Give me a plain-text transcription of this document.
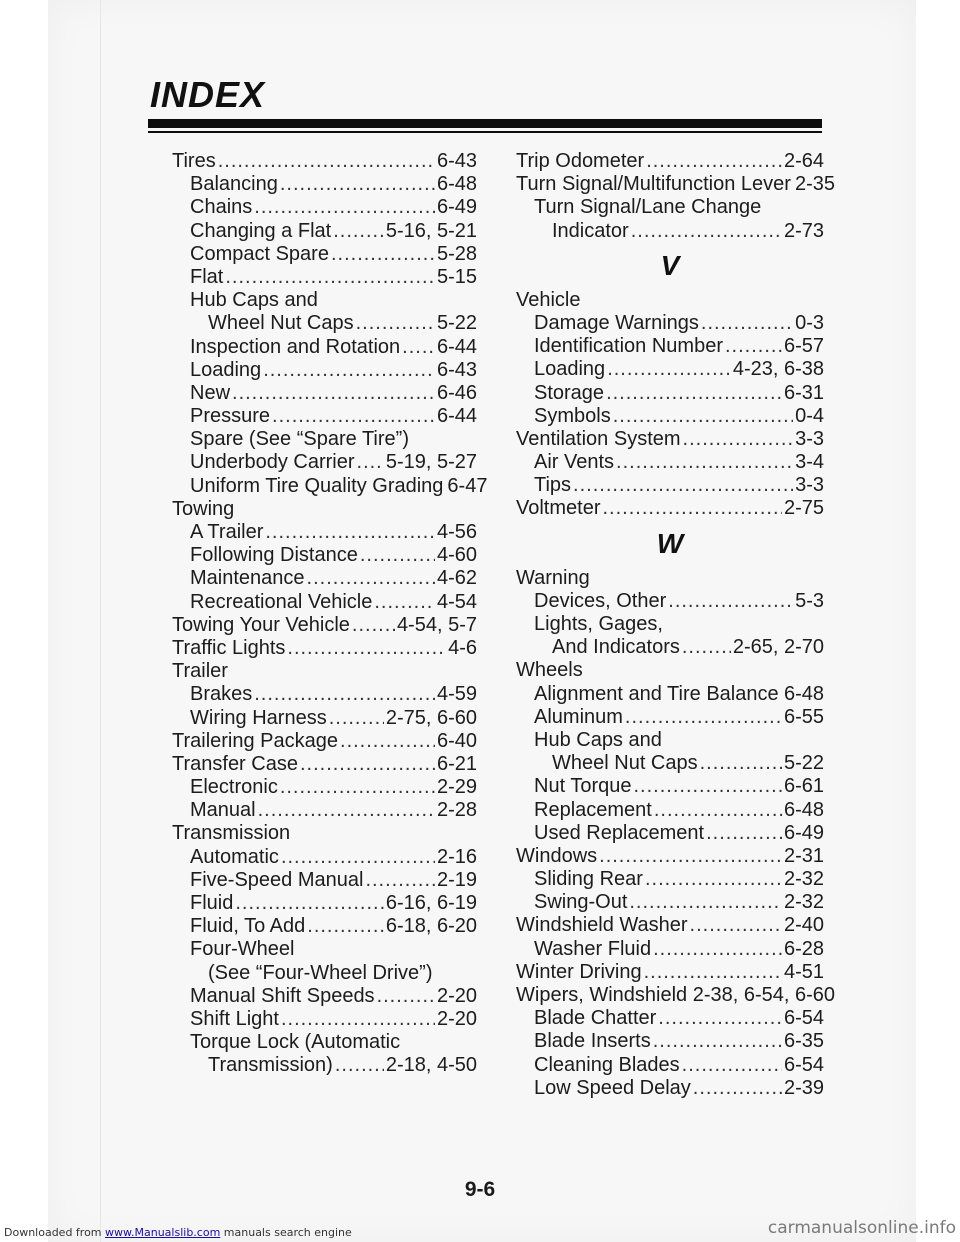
INDEX
Tires .....	6-43
Balancing .....	6-48
Chains .....	6-49
Changing a Flat .....	5-16, 5-21
Compact Spare .....	5-28
Flat .....	5-15
Hub Caps and
Wheel Nut Caps .....	5-22
Inspection and Rotation ..... 6-44
Loading .....	6-43
New .....	6-46
Pressure .....	6-44
Spare (See “Spare Tire”)
Underbody Carrier ..... 5-19, 5-27
Uniform Tire Quality Grading 6-47
Towing
A Trailer .....	4-56
Following Distance .....	4-60
Maintenance .....	4-62
Recreational Vehicle .....	4-54
Towing Your Vehicle ..... 4-54, 5-7
Traffic Lights .....	4-6
Trailer
Brakes .....	4-59
Wiring Harness .....	2-75, 6-60
Trailering Package .....	6-40
Transfer Case .....	6-21
Electronic .....	2-29
Manual .....	2-28
Transmission
Automatic .....	2-16
Five-Speed Manual .....	2-19
Fluid .....	6-16, 6-19
Fluid, To Add .....	6-18, 6-20
Four-Wheel
(See “Four-Wheel Drive”)
Manual Shift Speeds .....	2-20
Shift Light .....	2-20
Torque Lock (Automatic
Transmission) .....	2-18, 4-50
Trip Odometer .....	2-64
Turn Signal/Multifunction Lever 2-35
Turn Signal/Lane Change
Indicator .....	2-73
V
Vehicle
Damage Warnings .....	0-3
Identification Number .....	6-57
Loading .....	4-23, 6-38
Storage .....	6-31
Symbols .....	0-4
Ventilation System .....	3-3
Air Vents .....	3-4
Tips .....	3-3
Voltmeter .....	2-75
W
Warning
Devices, Other .....	5-3
Lights, Gages,
And Indicators .....	2-65, 2-70
Wheels
Alignment and Tire Balance ..... 6-48
Aluminum .....	6-55
Hub Caps and
Wheel Nut Caps .....	5-22
Nut Torque .....	6-61
Replacement .....	6-48
Used Replacement .....	6-49
Windows .....	2-31
Sliding Rear .....	2-32
Swing-Out .....	2-32
Windshield Washer .....	2-40
Washer Fluid .....	6-28
Winter Driving .....	4-51
Wipers, Windshield 2-38, 6-54, 6-60
Blade Chatter .....	6-54
Blade Inserts .....	6-35
Cleaning Blades .....	6-54
Low Speed Delay .....	2-39
9-6
Downloaded from www.Manualslib.com manuals search engine	carmanualsonline.info
